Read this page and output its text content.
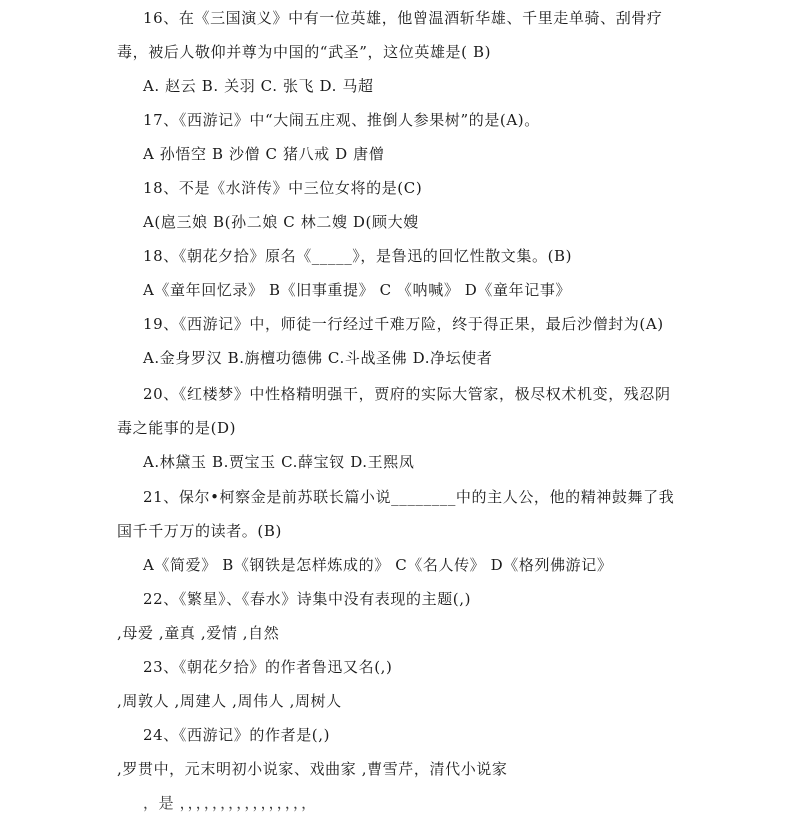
16、在《三国演义》中有一位英雄，他曾温酒斩华雄、千里走单骑、刮骨疗
毒，被后人敬仰并尊为中国的“武圣”，这位英雄是( B)
A. 赵云 B. 关羽 C. 张飞 D. 马超
17、《西游记》中“大闹五庄观、推倒人参果树”的是(A)。
A 孙悟空 B 沙僧 C 猪八戒 D 唐僧
18、不是《水浒传》中三位女将的是(C)
A(扈三娘 B(孙二娘 C 林二嫂 D(顾大嫂
18、《朝花夕拾》原名《_____》，是鲁迅的回忆性散文集。(B)
A《童年回忆录》 B《旧事重提》 C 《呐喊》 D《童年记事》
19、《西游记》中，师徒一行经过千难万险，终于得正果，最后沙僧封为(A)
A.金身罗汉 B.旃檀功德佛 C.斗战圣佛 D.净坛使者
20、《红楼梦》中性格精明强干，贾府的实际大管家，极尽权术机变，残忍阴
毒之能事的是(D)
A.林黛玉 B.贾宝玉 C.薛宝钗 D.王熙凤
21、保尔•柯察金是前苏联长篇小说________中的主人公，他的精神鼓舞了我
国千千万万的读者。(B)
A《简爱》 B《钢铁是怎样炼成的》 C《名人传》 D《格列佛游记》
22、《繁星》、《春水》诗集中没有表现的主题(,)
,母爱 ,童真 ,爱情 ,自然
23、《朝花夕拾》的作者鲁迅又名(,)
,周敦人 ,周建人 ,周伟人 ,周树人
24、《西游记》的作者是(,)
,罗贯中，元末明初小说家、戏曲家 ,曹雪芹，清代小说家
，是 ，，，，，，，，，，，，，，，，
